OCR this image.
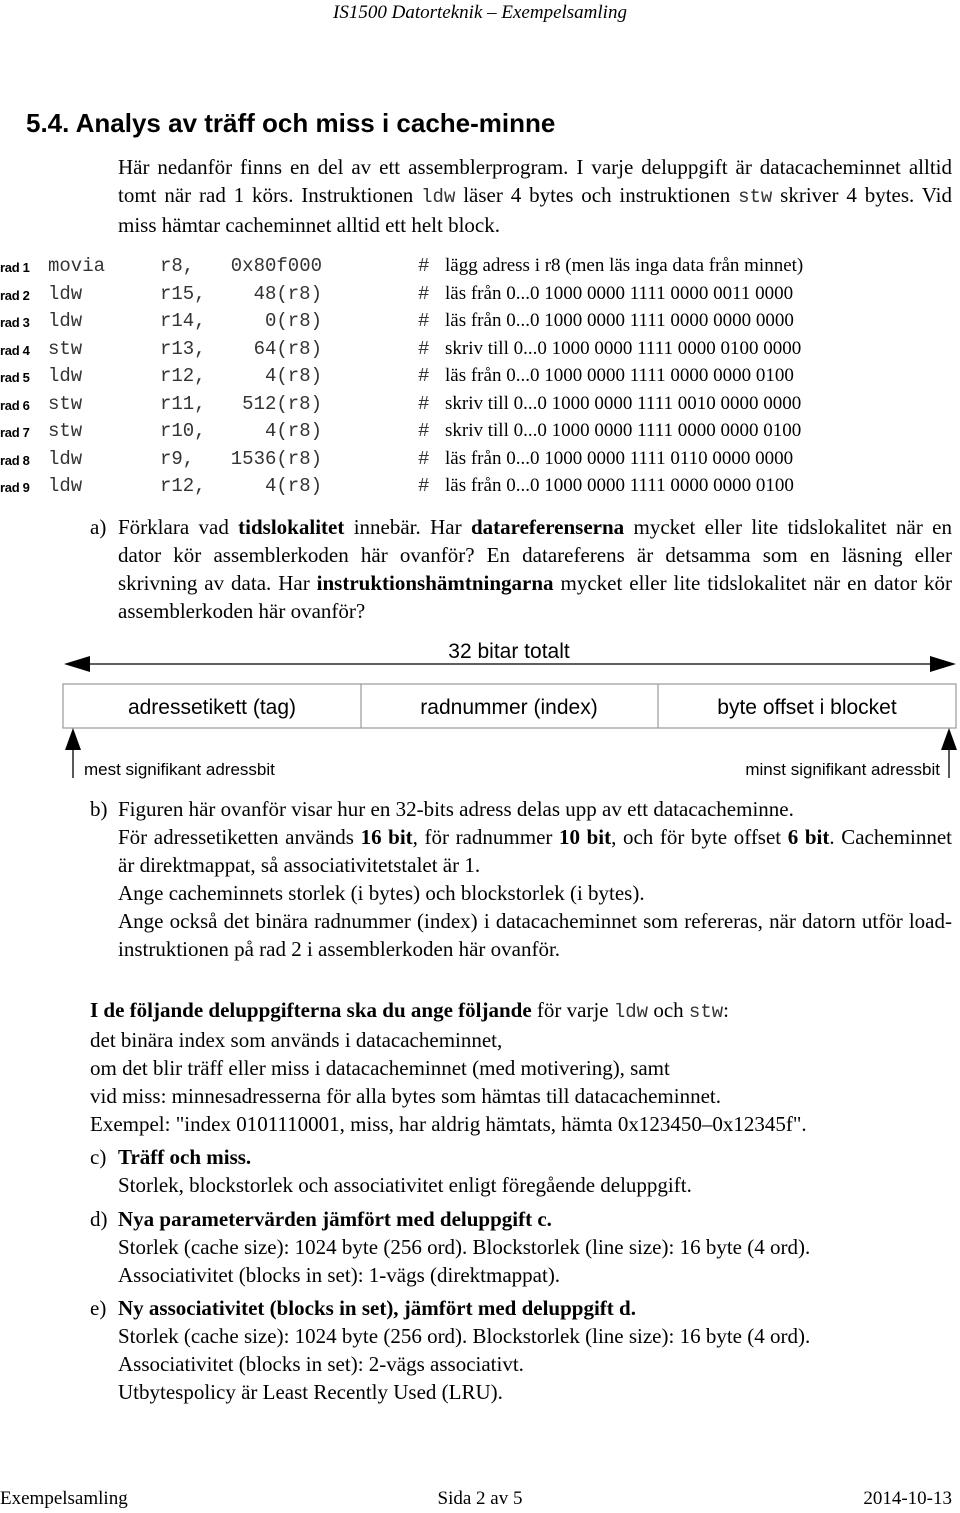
IS1500 Datorteknik – Exempelsamling
5.4. Analys av träff och miss i cache-minne
Här nedanför finns en del av ett assemblerprogram. I varje deluppgift är datacacheminnet alltid tomt när rad 1 körs. Instruktionen ldw läser 4 bytes och instruktionen stw skriver 4 bytes. Vid miss hämtar cacheminnet alltid ett helt block.
rad 1 movia	r8,	0x80f000	# lägg adress i r8 (men läs inga data från minnet)
rad 2 ldw	r15,	48(r8)	# läs från 0...0 1000 0000 1111 0000 0011 0000
rad 3 ldw	r14,	0(r8)	# läs från 0...0 1000 0000 1111 0000 0000 0000
rad 4 stw	r13,	64(r8)	# skriv till 0...0 1000 0000 1111 0000 0100 0000
rad 5 ldw	r12,	4(r8)	# läs från 0...0 1000 0000 1111 0000 0000 0100
rad 6 stw	r11,	512(r8)	# skriv till 0...0 1000 0000 1111 0010 0000 0000
rad 7 stw	r10,	4(r8)	# skriv till 0...0 1000 0000 1111 0000 0000 0100
rad 8 ldw	r9,	1536(r8)	# läs från 0...0 1000 0000 1111 0110 0000 0000
rad 9 ldw	r12,	4(r8)	# läs från 0...0 1000 0000 1111 0000 0000 0100
a) Förklara vad tidslokalitet innebär. Har datareferenserna mycket eller lite tidslokalitet när en dator kör assemblerkoden här ovanför? En datareferens är detsamma som en läsning eller skrivning av data. Har instruktionshämtningarna mycket eller lite tidslokalitet när en dator kör assemblerkoden här ovanför?
32 bitar totalt
adressetikett (tag)	radnummer (index)	byte offset i blocket
mest signifikant adressbit	minst signifikant adressbit
b) Figuren här ovanför visar hur en 32-bits adress delas upp av ett datacacheminne.
För adressetiketten används 16 bit, för radnummer 10 bit, och för byte offset 6 bit. Cacheminnet är direktmappat, så associativitetstalet är 1.
Ange cacheminnets storlek (i bytes) och blockstorlek (i bytes).
Ange också det binära radnummer (index) i datacacheminnet som refereras, när datorn utför load-instruktionen på rad 2 i assemblerkoden här ovanför.
I de följande deluppgifterna ska du ange följande för varje ldw och stw:
det binära index som används i datacacheminnet,
om det blir träff eller miss i datacacheminnet (med motivering), samt
vid miss: minnesadresserna för alla bytes som hämtas till datacacheminnet.
Exempel: "index 0101110001, miss, har aldrig hämtats, hämta 0x123450–0x12345f".
c) Träff och miss.
Storlek, blockstorlek och associativitet enligt föregående deluppgift.
d) Nya parametervärden jämfört med deluppgift c.
Storlek (cache size): 1024 byte (256 ord). Blockstorlek (line size): 16 byte (4 ord).
Associativitet (blocks in set): 1-vägs (direktmappat).
e) Ny associativitet (blocks in set), jämfört med deluppgift d.
Storlek (cache size): 1024 byte (256 ord). Blockstorlek (line size): 16 byte (4 ord).
Associativitet (blocks in set): 2-vägs associativt.
Utbytespolicy är Least Recently Used (LRU).
Exempelsamling	Sida 2 av 5	2014-10-13
